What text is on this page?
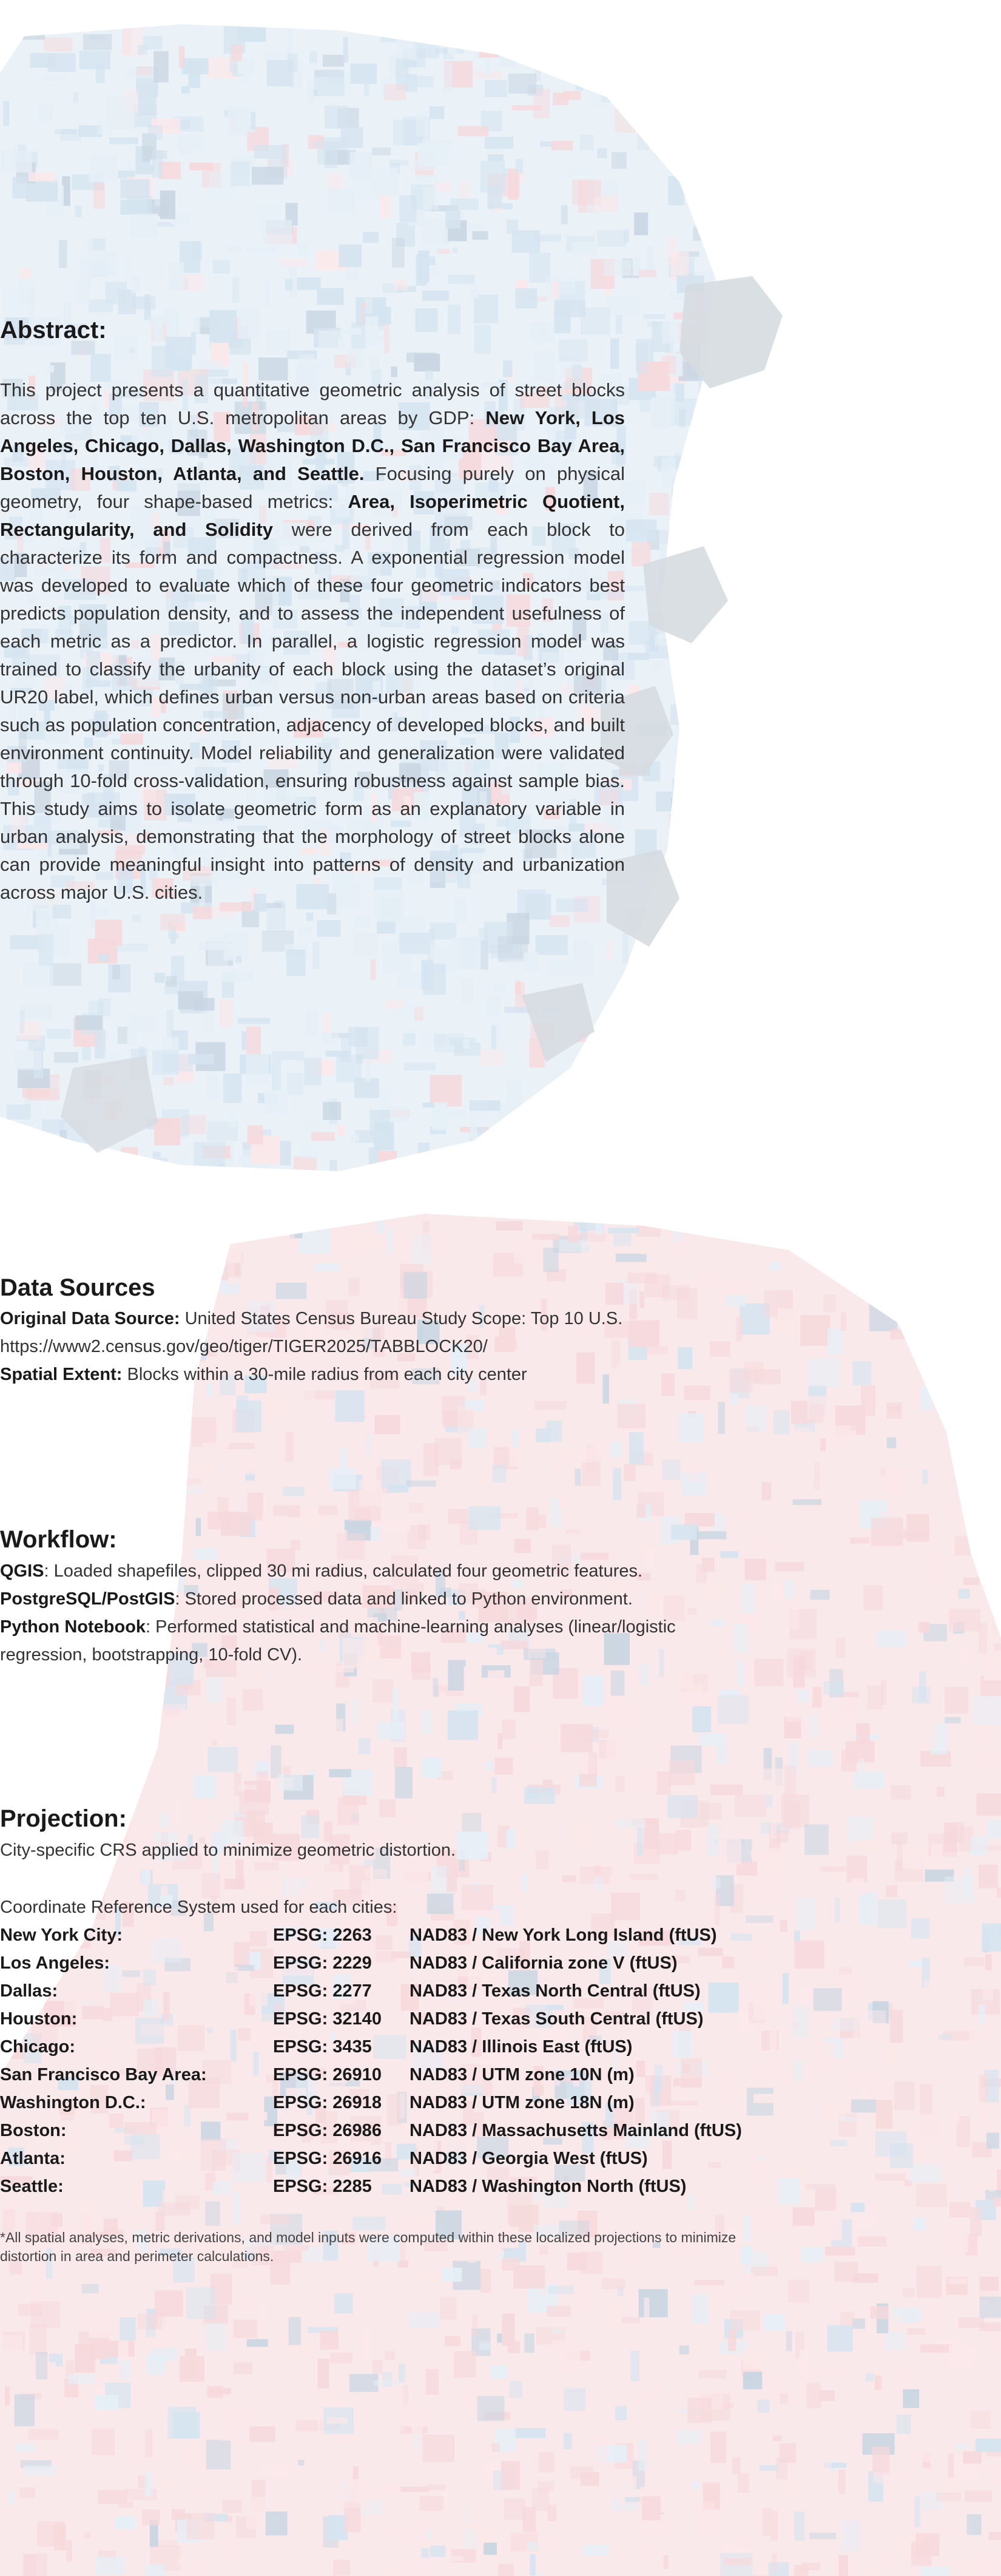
Abstract:

This project presents a quantitative geometric analysis of street blocks across the top ten U.S. metropolitan areas by GDP: New York, Los Angeles, Chicago, Dallas, Washington D.C., San Francisco Bay Area, Boston, Houston, Atlanta, and Seattle. Focusing purely on physical geometry, four shape-based metrics: Area, Isoperimetric Quotient, Rectangularity, and Solidity were derived from each block to characterize its form and compactness. A exponential regression model was developed to evaluate which of these four geometric indicators best predicts population density, and to assess the independent usefulness of each metric as a predictor. In parallel, a logistic regression model was trained to classify the urbanity of each block using the dataset’s original UR20 label, which defines urban versus non-urban areas based on criteria such as population concentration, adjacency of developed blocks, and built environment continuity. Model reliability and generalization were validated through 10-fold cross-validation, ensuring robustness against sample bias. This study aims to isolate geometric form as an explanatory variable in urban analysis, demonstrating that the morphology of street blocks alone can provide meaningful insight into patterns of density and urbanization across major U.S. cities.

Data Sources
Original Data Source: United States Census Bureau Study Scope: Top 10 U.S.
https://www2.census.gov/geo/tiger/TIGER2025/TABBLOCK20/
Spatial Extent: Blocks within a 30-mile radius from each city center
Workflow:
QGIS: Loaded shapefiles, clipped 30 mi radius, calculated four geometric features.
PostgreSQL/PostGIS: Stored processed data and linked to Python environment.
Python Notebook: Performed statistical and machine-learning analyses (linear/logistic regression, bootstrapping, 10-fold CV).
Projection:

City-specific CRS applied to minimize geometric distortion.

Coordinate Reference System used for each cities:

New York City:	EPSG: 2263	NAD83 / New York Long Island (ftUS)
Los Angeles:	EPSG: 2229	NAD83 / California zone V (ftUS)
Dallas:	EPSG: 2277	NAD83 / Texas North Central (ftUS)
Houston:	EPSG: 32140	NAD83 / Texas South Central (ftUS)
Chicago:	EPSG: 3435	NAD83 / Illinois East (ftUS)
San Francisco Bay Area:	EPSG: 26910	NAD83 / UTM zone 10N (m)
Washington D.C.:	EPSG: 26918	NAD83 / UTM zone 18N (m)
Boston:	EPSG: 26986	NAD83 / Massachusetts Mainland (ftUS)
Atlanta:	EPSG: 26916	NAD83 / Georgia West (ftUS)
Seattle:	EPSG: 2285	NAD83 / Washington North (ftUS)

*All spatial analyses, metric derivations, and model inputs were computed within these localized projections to minimize distortion in area and perimeter calculations.
